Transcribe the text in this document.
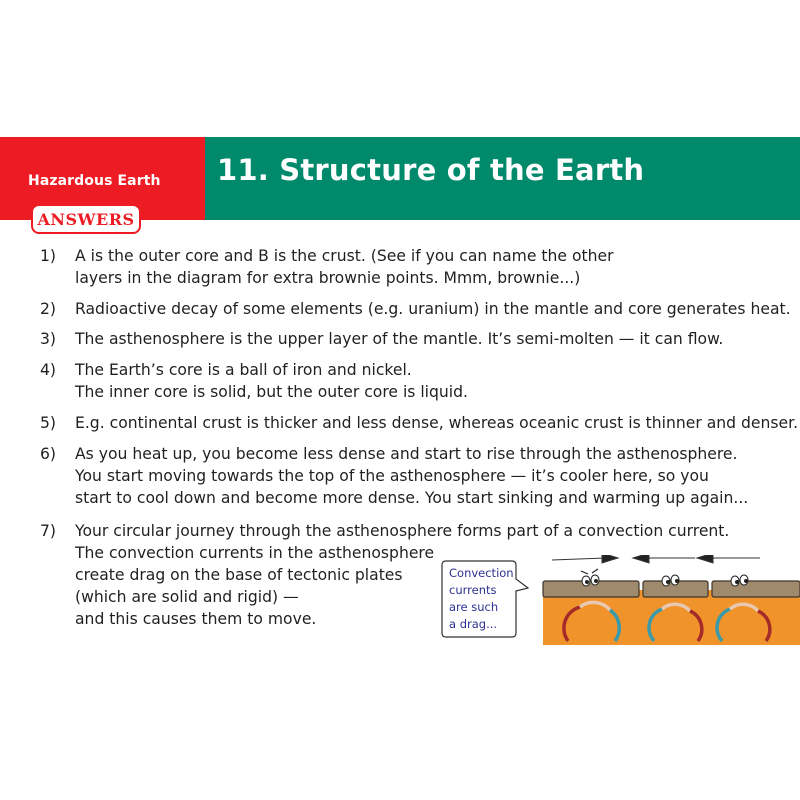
Hazardous Earth
ANSWERS
11. Structure of the Earth
1) A is the outer core and B is the crust. (See if you can name the other
layers in the diagram for extra brownie points. Mmm, brownie...)
2) Radioactive decay of some elements (e.g. uranium) in the mantle and core generates heat.
3) The asthenosphere is the upper layer of the mantle. It’s semi-molten — it can flow.
4) The Earth’s core is a ball of iron and nickel.
The inner core is solid, but the outer core is liquid.
5) E.g. continental crust is thicker and less dense, whereas oceanic crust is thinner and denser.
6) As you heat up, you become less dense and start to rise through the asthenosphere.
You start moving towards the top of the asthenosphere — it’s cooler here, so you
start to cool down and become more dense. You start sinking and warming up again...
7) Your circular journey through the asthenosphere forms part of a convection current.
The convection currents in the asthenosphere
create drag on the base of tectonic plates
(which are solid and rigid) —
and this causes them to move.
Convection
currents
are such
a drag...
